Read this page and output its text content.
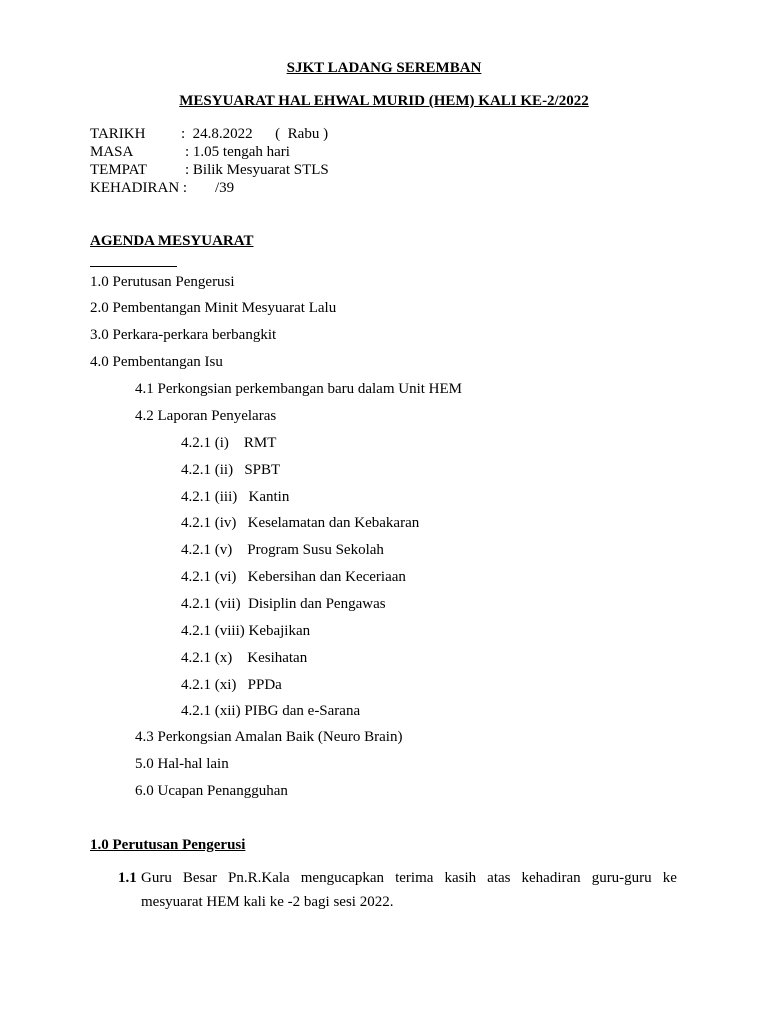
SJKT LADANG SEREMBAN
MESYUARAT HAL EHWAL MURID (HEM) KALI KE-2/2022
TARIKH :  24.8.2022      (  Rabu )
MASA	: 1.05 tengah hari
TEMPAT	: Bilik Mesyuarat STLS
KEHADIRAN : /39
AGENDA MESYUARAT
1.0 Perutusan Pengerusi
2.0 Pembentangan Minit Mesyuarat Lalu
3.0 Perkara-perkara berbangkit
4.0 Pembentangan Isu
4.1 Perkongsian perkembangan baru dalam Unit HEM
4.2 Laporan Penyelaras
4.2.1 (i)    RMT
4.2.1 (ii)   SPBT
4.2.1 (iii)   Kantin
4.2.1 (iv)   Keselamatan dan Kebakaran
4.2.1 (v)    Program Susu Sekolah
4.2.1 (vi)   Kebersihan dan Keceriaan
4.2.1 (vii)  Disiplin dan Pengawas
4.2.1 (viii) Kebajikan
4.2.1 (x)    Kesihatan
4.2.1 (xi)   PPDa
4.2.1 (xii) PIBG dan e-Sarana
4.3 Perkongsian Amalan Baik (Neuro Brain)
5.0 Hal-hal lain
6.0 Ucapan Penangguhan
1.0 Perutusan Pengerusi
1.1 Guru Besar Pn.R.Kala mengucapkan terima kasih atas kehadiran guru-guru ke
mesyuarat HEM kali ke -2 bagi sesi 2022.
